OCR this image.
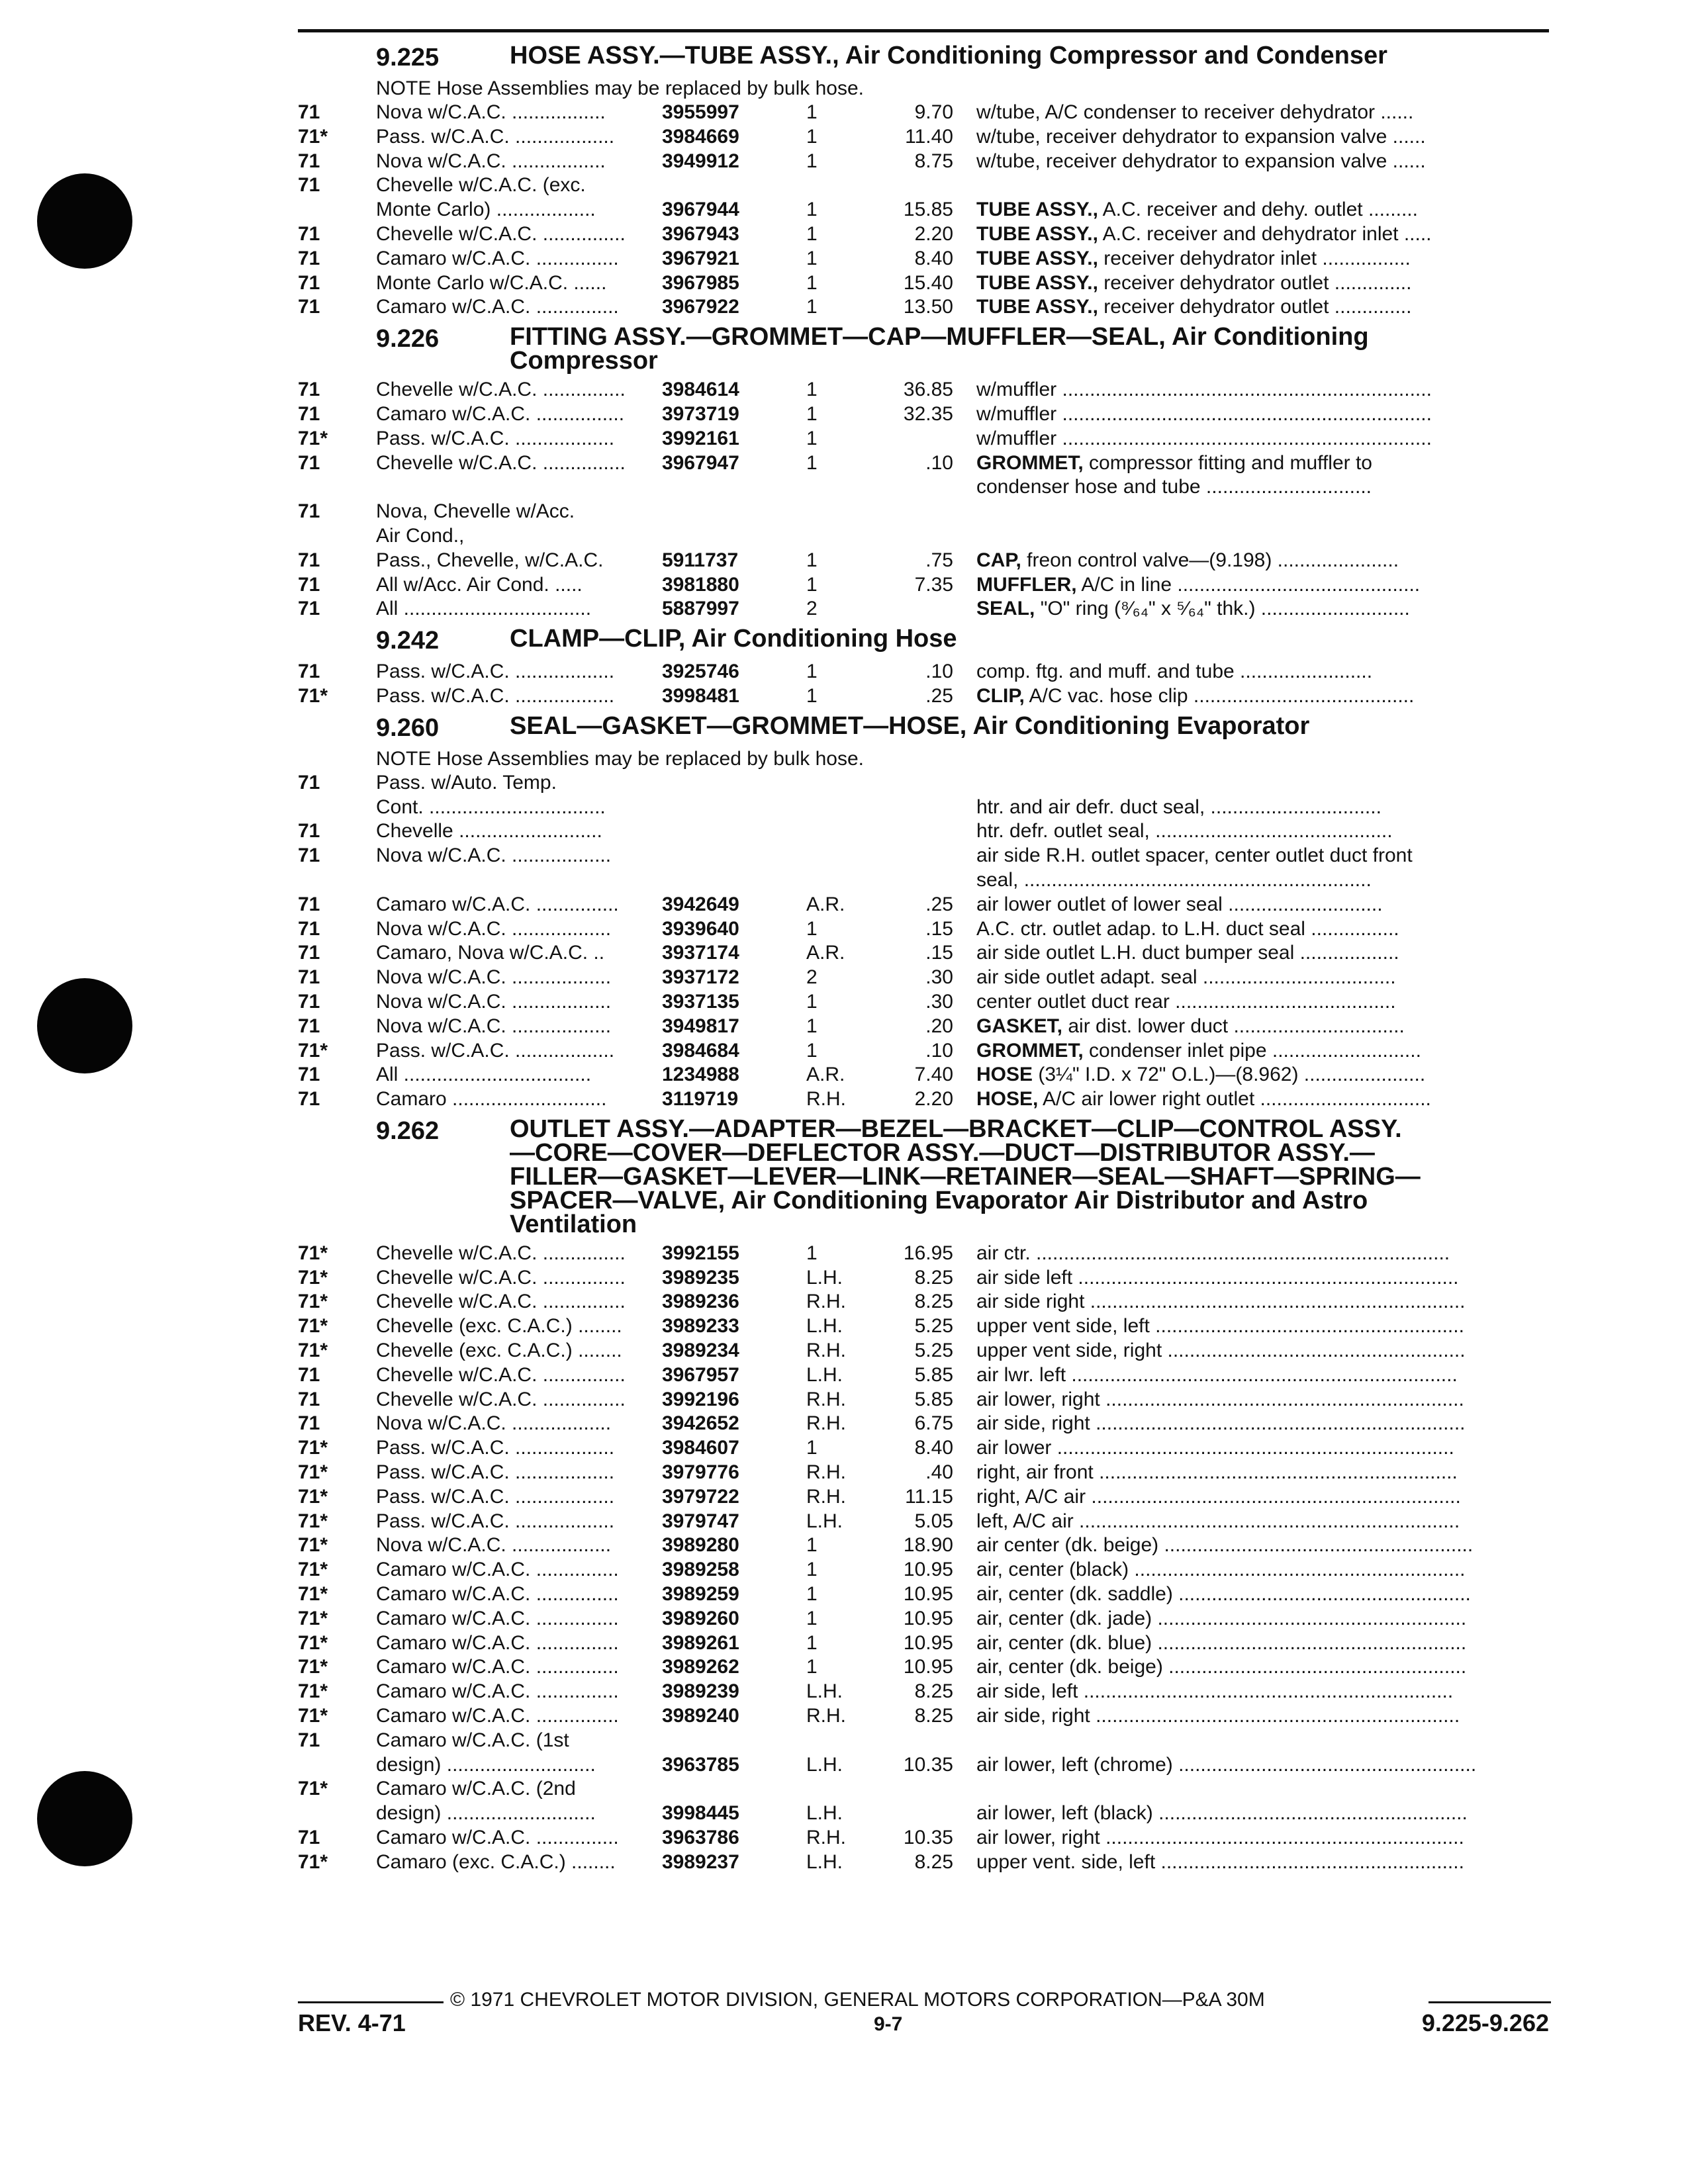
9.225	HOSE ASSY.—TUBE ASSY., Air Conditioning Compressor and Condenser
NOTE Hose Assemblies may be replaced by bulk hose.
71	Nova w/C.A.C. .................	3955997	1	9.70 w/tube, A/C condenser to receiver dehydrator ......
71*	Pass. w/C.A.C. ..................	3984669	1	11.40 w/tube, receiver dehydrator to expansion valve ......
71	Nova w/C.A.C. .................	3949912	1	8.75 w/tube, receiver dehydrator to expansion valve ......
71	Chevelle w/C.A.C. (exc.
Monte Carlo) ..................	3967944	1	15.85 TUBE ASSY., A.C. receiver and dehy. outlet .........
71	Chevelle w/C.A.C. ...............	3967943	1	2.20 TUBE ASSY., A.C. receiver and dehydrator inlet .....
71	Camaro w/C.A.C. ...............	3967921	1	8.40 TUBE ASSY., receiver dehydrator inlet ................
71	Monte Carlo w/C.A.C. ......	3967985	1	15.40 TUBE ASSY., receiver dehydrator outlet ..............
71	Camaro w/C.A.C. ...............	3967922	1	13.50 TUBE ASSY., receiver dehydrator outlet ..............
9.226	FITTING ASSY.—GROMMET—CAP—MUFFLER—SEAL, Air Conditioning
Compressor
71	Chevelle w/C.A.C. ...............	3984614	1	36.85 w/muffler ...................................................................
71	Camaro w/C.A.C. ................	3973719	1	32.35 w/muffler ...................................................................
71*	Pass. w/C.A.C. ..................	3992161	1	w/muffler ...................................................................
71	Chevelle w/C.A.C. ...............	3967947	1	.10 GROMMET, compressor fitting and muffler to
condenser hose and tube ..............................
71	Nova, Chevelle w/Acc.
Air Cond.,
71	Pass., Chevelle, w/C.A.C.	5911737	1	.75 CAP, freon control valve—(9.198) ......................
71	All w/Acc. Air Cond. .....	3981880	1	7.35 MUFFLER, A/C in line ............................................
71	All ..................................	5887997	2	SEAL, "O" ring (⁸⁄₆₄" x ⁵⁄₆₄" thk.) ...........................
9.242	CLAMP—CLIP, Air Conditioning Hose
71	Pass. w/C.A.C. ..................	3925746	1	.10 comp. ftg. and muff. and tube ........................
71*	Pass. w/C.A.C. ..................	3998481	1	.25 CLIP, A/C vac. hose clip ........................................
9.260	SEAL—GASKET—GROMMET—HOSE, Air Conditioning Evaporator
NOTE Hose Assemblies may be replaced by bulk hose.
71	Pass. w/Auto. Temp.
Cont. ................................	htr. and air defr. duct seal, ...............................
71	Chevelle ..........................	htr. defr. outlet seal, ...........................................
71	Nova w/C.A.C. ..................	air side R.H. outlet spacer, center outlet duct front
seal, ...............................................................
71	Camaro w/C.A.C. ...............	3942649	A.R.	.25 air lower outlet of lower seal ............................
71	Nova w/C.A.C. ..................	3939640	1	.15 A.C. ctr. outlet adap. to L.H. duct seal ................
71	Camaro, Nova w/C.A.C. ..	3937174	A.R.	.15 air side outlet L.H. duct bumper seal ..................
71	Nova w/C.A.C. ..................	3937172	2	.30 air side outlet adapt. seal ...................................
71	Nova w/C.A.C. ..................	3937135	1	.30 center outlet duct rear ........................................
71	Nova w/C.A.C. ..................	3949817	1	.20 GASKET, air dist. lower duct ...............................
71*	Pass. w/C.A.C. ..................	3984684	1	.10 GROMMET, condenser inlet pipe ...........................
71	All ..................................	1234988	A.R.	7.40 HOSE (3¼" I.D. x 72" O.L.)—(8.962) ......................
71	Camaro ............................	3119719	R.H.	2.20 HOSE, A/C air lower right outlet ...............................
9.262	OUTLET ASSY.—ADAPTER—BEZEL—BRACKET—CLIP—CONTROL ASSY.
—CORE—COVER—DEFLECTOR ASSY.—DUCT—DISTRIBUTOR ASSY.—
FILLER—GASKET—LEVER—LINK—RETAINER—SEAL—SHAFT—SPRING—
SPACER—VALVE, Air Conditioning Evaporator Air Distributor and Astro
Ventilation
71*	Chevelle w/C.A.C. ...............	3992155	1	16.95 air ctr. ...........................................................................
71*	Chevelle w/C.A.C. ...............	3989235	L.H.	8.25 air side left .....................................................................
71*	Chevelle w/C.A.C. ...............	3989236	R.H.	8.25 air side right ....................................................................
71*	Chevelle (exc. C.A.C.) ........	3989233	L.H.	5.25 upper vent side, left ........................................................
71*	Chevelle (exc. C.A.C.) ........	3989234	R.H.	5.25 upper vent side, right ......................................................
71	Chevelle w/C.A.C. ...............	3967957	L.H.	5.85 air lwr. left ......................................................................
71	Chevelle w/C.A.C. ...............	3992196	R.H.	5.85 air lower, right .................................................................
71	Nova w/C.A.C. ..................	3942652	R.H.	6.75 air side, right ...................................................................
71*	Pass. w/C.A.C. ..................	3984607	1	8.40 air lower ........................................................................
71*	Pass. w/C.A.C. ..................	3979776	R.H.	.40 right, air front .................................................................
71*	Pass. w/C.A.C. ..................	3979722	R.H.	11.15 right, A/C air ...................................................................
71*	Pass. w/C.A.C. ..................	3979747	L.H.	5.05 left, A/C air .....................................................................
71*	Nova w/C.A.C. ..................	3989280	1	18.90 air center (dk. beige) ........................................................
71*	Camaro w/C.A.C. ...............	3989258	1	10.95 air, center (black) ............................................................
71*	Camaro w/C.A.C. ...............	3989259	1	10.95 air, center (dk. saddle) .....................................................
71*	Camaro w/C.A.C. ...............	3989260	1	10.95 air, center (dk. jade) ........................................................
71*	Camaro w/C.A.C. ...............	3989261	1	10.95 air, center (dk. blue) ........................................................
71*	Camaro w/C.A.C. ...............	3989262	1	10.95 air, center (dk. beige) ......................................................
71*	Camaro w/C.A.C. ...............	3989239	L.H.	8.25 air side, left ...................................................................
71*	Camaro w/C.A.C. ...............	3989240	R.H.	8.25 air side, right ..................................................................
71	Camaro w/C.A.C. (1st
design) ...........................	3963785	L.H.	10.35 air lower, left (chrome) ......................................................
71*	Camaro w/C.A.C. (2nd
design) ...........................	3998445	L.H.	air lower, left (black) ........................................................
71	Camaro w/C.A.C. ...............	3963786	R.H.	10.35 air lower, right .................................................................
71*	Camaro (exc. C.A.C.) ........	3989237	L.H.	8.25 upper vent. side, left .......................................................
© 1971 CHEVROLET MOTOR DIVISION, GENERAL MOTORS CORPORATION—P&A 30M
REV. 4-71	9-7	9.225-9.262
